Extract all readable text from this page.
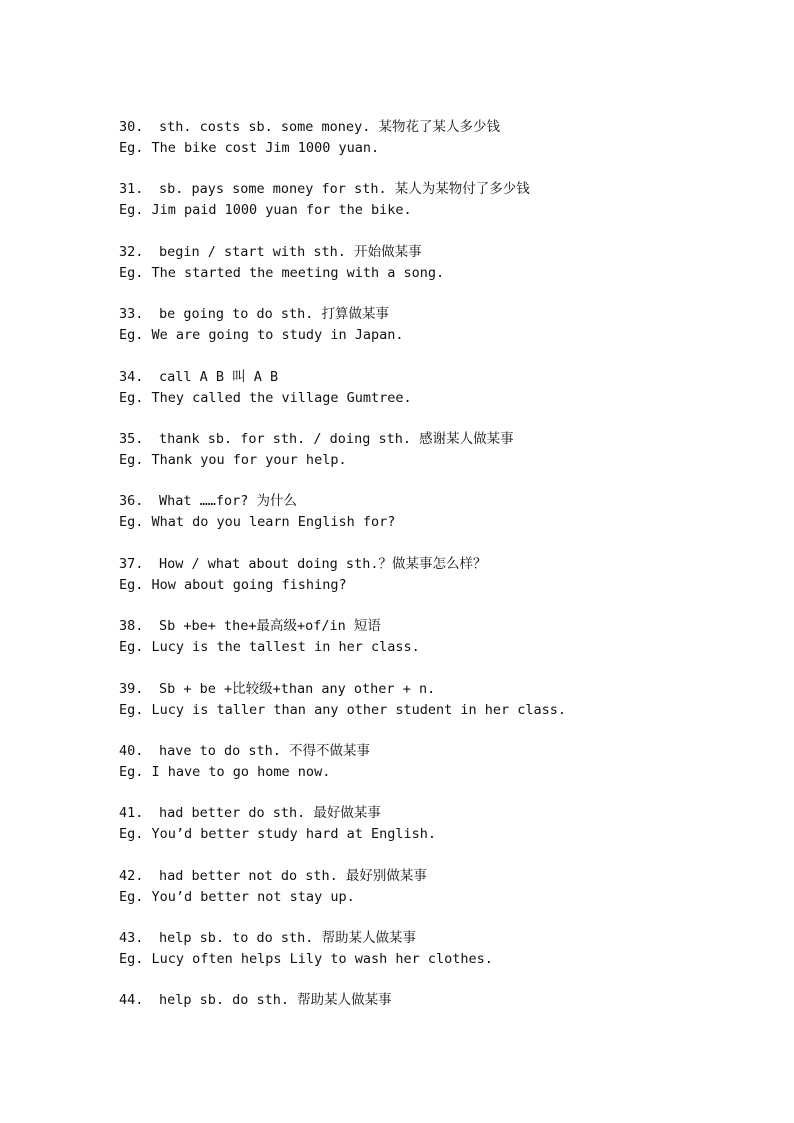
30. sth. costs sb. some money. 某物花了某人多少钱
Eg. The bike cost Jim 1000 yuan.
31. sb. pays some money for sth. 某人为某物付了多少钱
Eg. Jim paid 1000 yuan for the bike.
32. begin / start with sth. 开始做某事
Eg. The started the meeting with a song.
33. be going to do sth. 打算做某事
Eg. We are going to study in Japan.
34. call A B 叫 A B
Eg. They called the village Gumtree.
35. thank sb. for sth. / doing sth. 感谢某人做某事
Eg. Thank you for your help.
36. What ……for? 为什么
Eg. What do you learn English for?
37. How / what about doing sth.？做某事怎么样？
Eg. How about going fishing?
38. Sb +be+ the+最高级+of/in 短语
Eg. Lucy is the tallest in her class.
39. Sb + be +比较级+than any other + n.
Eg. Lucy is taller than any other student in her class.
40. have to do sth. 不得不做某事
Eg. I have to go home now.
41. had better do sth. 最好做某事
Eg. You’d better study hard at English.
42. had better not do sth. 最好别做某事
Eg. You’d better not stay up.
43. help sb. to do sth. 帮助某人做某事
Eg. Lucy often helps Lily to wash her clothes.
44. help sb. do sth. 帮助某人做某事
